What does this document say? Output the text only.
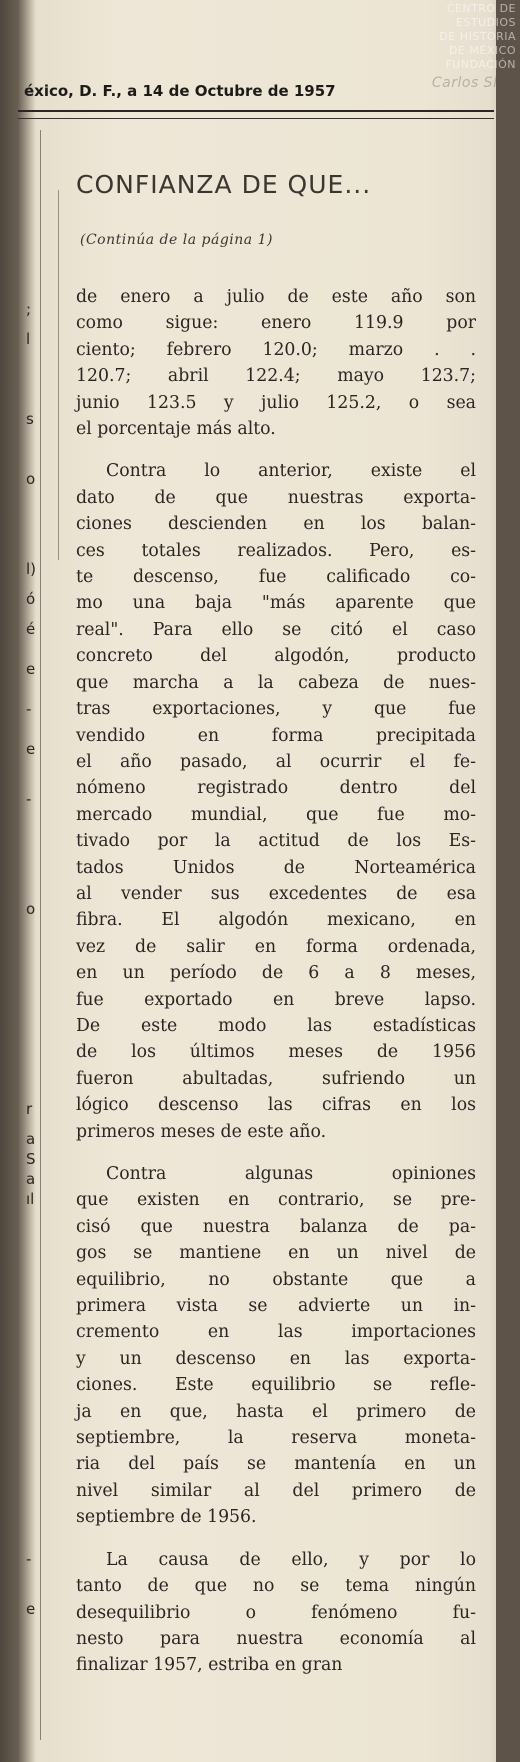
CENTRO DE
ESTUDIOS
DE HISTORIA
DE MÉXICO
FUNDACIÓN
Carlos Slim
éxico, D. F., a 14 de Octubre de 1957
;
l
s
o
l)
ó
é
e
-
e
-
o
r
a
S
a
ıl
-
e
CONFIANZA DE QUE...
(Continúa de la página 1)
de enero a julio de este año son
como sigue: enero 119.9 por
ciento; febrero 120.0; marzo . .
120.7; abril 122.4; mayo 123.7;
junio 123.5 y julio 125.2, o sea
el porcentaje más alto.
Contra lo anterior, existe el
dato de que nuestras exporta-
ciones descienden en los balan-
ces totales realizados. Pero, es-
te descenso, fue calificado co-
mo una baja "más aparente que
real". Para ello se citó el caso
concreto del algodón, producto
que marcha a la cabeza de nues-
tras exportaciones, y que fue
vendido en forma precipitada
el año pasado, al ocurrir el fe-
nómeno registrado dentro del
mercado mundial, que fue mo-
tivado por la actitud de los Es-
tados Unidos de Norteamérica
al vender sus excedentes de esa
fibra. El algodón mexicano, en
vez de salir en forma ordenada,
en un período de 6 a 8 meses,
fue exportado en breve lapso.
De este modo las estadísticas
de los últimos meses de 1956
fueron abultadas, sufriendo un
lógico descenso las cifras en los
primeros meses de este año.
Contra algunas opiniones
que existen en contrario, se pre-
cisó que nuestra balanza de pa-
gos se mantiene en un nivel de
equilibrio, no obstante que a
primera vista se advierte un in-
cremento en las importaciones
y un descenso en las exporta-
ciones. Este equilibrio se refle-
ja en que, hasta el primero de
septiembre, la reserva moneta-
ria del país se mantenía en un
nivel similar al del primero de
septiembre de 1956.
La causa de ello, y por lo
tanto de que no se tema ningún
desequilibrio o fenómeno fu-
nesto para nuestra economía al
finalizar 1957, estriba en gran
